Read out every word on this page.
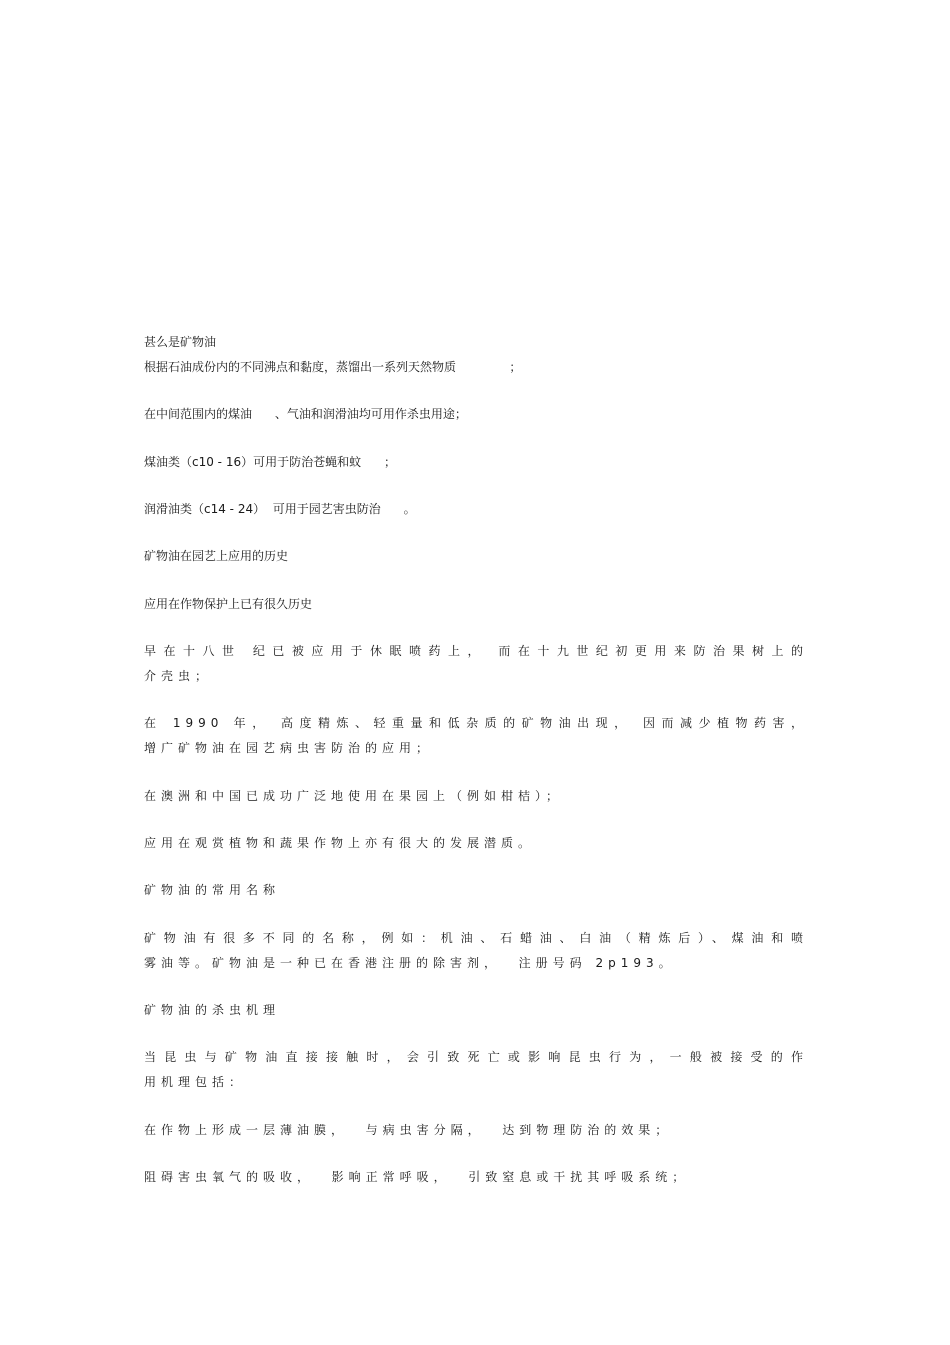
甚么是矿物油
根据石油成份内的不同沸点和黏度，蒸馏出一系列天然物质              ；
在中间范围内的煤油      、气油和润滑油均可用作杀虫用途；
煤油类（c10 - 16）可用于防治苍蝇和蚊      ；
润滑油类（c14 - 24）  可用于园艺害虫防治      。
矿物油在园艺上应用的历史
应用在作物保护上已有很久历史
早在十八世 纪已被应用于休眠喷药上， 而在十九世纪初更用来防治果树上的
介壳虫；
在 1990 年， 高度精炼、轻重量和低杂质的矿物油出现， 因而减少植物药害，
增广矿物油在园艺病虫害防治的应用；
在澳洲和中国已成功广泛地使用在果园上（例如柑桔）；
应用在观赏植物和蔬果作物上亦有很大的发展潜质。
矿物油的常用名称
矿物油有很多不同的名称，例如：机油、石蜡油、白油（精炼后）、煤油和喷
雾油等。矿物油是一种已在香港注册的除害剂，  注册号码 2p193。
矿物油的杀虫机理
当昆虫与矿物油直接接触时，会引致死亡或影响昆虫行为，一般被接受的作
用机理包括：
在作物上形成一层薄油膜，  与病虫害分隔，  达到物理防治的效果；
阻碍害虫氧气的吸收，  影响正常呼吸，  引致窒息或干扰其呼吸系统；
